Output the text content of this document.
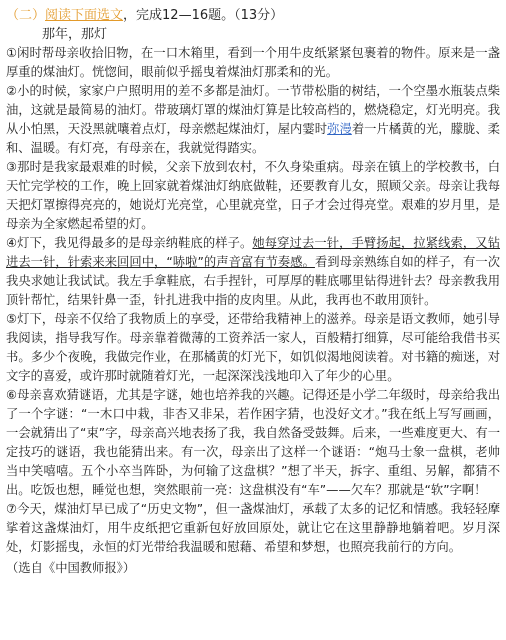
（二）阅读下面选文，完成12—16题。（13分）
那年，那灯

①闲时帮母亲收拾旧物，在一口木箱里，看到一个用牛皮纸紧紧包裹着的物件。原来是一盏厚重的煤油灯。恍惚间，眼前似乎摇曳着煤油灯那柔和的光。

②小的时候，家家户户照明用的差不多都是油灯。一节带松脂的树结，一个空墨水瓶装点柴油，这就是最简易的油灯。带玻璃灯罩的煤油灯算是比较高档的，燃烧稳定，灯光明亮。我从小怕黑，天没黑就嚷着点灯，母亲燃起煤油灯，屋内霎时弥漫着一片橘黄的光，朦胧、柔和、温暖。有灯亮，有母亲在，我就觉得踏实。

③那时是我家最艰难的时候，父亲下放到农村，不久身染重病。母亲在镇上的学校教书，白天忙完学校的工作，晚上回家就着煤油灯纳底做鞋，还要教育儿女，照顾父亲。母亲让我每天把灯罩擦得亮亮的，她说灯光亮堂，心里就亮堂，日子才会过得亮堂。艰难的岁月里，是母亲为全家燃起希望的灯。

④灯下，我见得最多的是母亲纳鞋底的样子。她每穿过去一针，手臂扬起，拉紧线索，又钻进去一针，针索来来回回中，“哧啦”的声音富有节奏感。看到母亲熟练自如的样子，有一次我央求她让我试试。我左手拿鞋底，右手捏针，可厚厚的鞋底哪里钻得进针去？母亲教我用顶针帮忙，结果针鼻一歪，针扎进我中指的皮肉里。从此，我再也不敢用顶针。

⑤灯下，母亲不仅给了我物质上的享受，还带给我精神上的滋养。母亲是语文教师，她引导我阅读，指导我写作。母亲靠着微薄的工资养活一家人，百般精打细算，尽可能给我借书买书。多少个夜晚，我做完作业，在那橘黄的灯光下，如饥似渴地阅读着。对书籍的痴迷，对文字的喜爱，或许那时就随着灯光，一起深深浅浅地印入了年少的心里。

⑥母亲喜欢猜谜语，尤其是字谜，她也培养我的兴趣。记得还是小学二年级时，母亲给我出了一个字谜：“一木口中栽，非杏又非呆，若作困字猜，也没好文才。”我在纸上写写画画，一会就猜出了“束”字，母亲高兴地表扬了我，我自然备受鼓舞。后来，一些难度更大、有一定技巧的谜语，我也能猜出来。有一次，母亲出了这样一个谜语：“炮马士象一盘棋，老帅当中笑嘻嘻。五个小卒当阵卧，为何输了这盘棋？”想了半天，拆字、重组、另解，都猜不出。吃饭也想，睡觉也想，突然眼前一亮：这盘棋没有“车”——欠车？那就是“软”字啊！

⑦今天，煤油灯早已成了“历史文物”，但一盏煤油灯，承载了太多的记忆和情感。我轻轻摩挲着这盏煤油灯，用牛皮纸把它重新包好放回原处，就让它在这里静静地躺着吧。岁月深处，灯影摇曳，永恒的灯光带给我温暖和慰藉、希望和梦想，也照亮我前行的方向。

（选自《中国教师报》）
